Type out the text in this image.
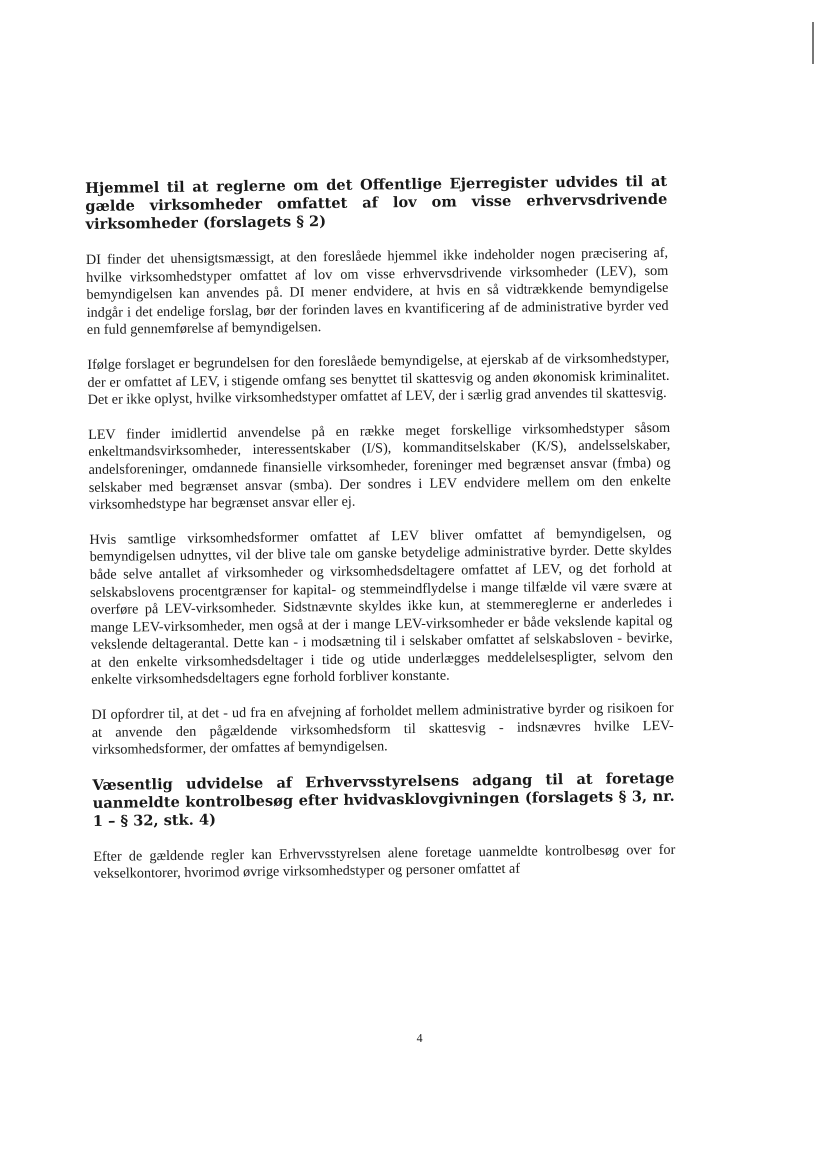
Hjemmel til at reglerne om det Offentlige Ejerregister udvides til at gælde virksomheder omfattet af lov om visse erhvervsdrivende virksomheder (forslagets § 2)

DI finder det uhensigtsmæssigt, at den foreslåede hjemmel ikke indeholder nogen præcisering af, hvilke virksomhedstyper omfattet af lov om visse erhvervsdrivende virksomheder (LEV), som bemyndigelsen kan anvendes på. DI mener endvidere, at hvis en så vidtrækkende bemyndigelse indgår i det endelige forslag, bør der forinden laves en kvantificering af de administrative byrder ved en fuld gennemførelse af bemyndigelsen.

Ifølge forslaget er begrundelsen for den foreslåede bemyndigelse, at ejerskab af de virksomhedstyper, der er omfattet af LEV, i stigende omfang ses benyttet til skattesvig og anden økonomisk kriminalitet. Det er ikke oplyst, hvilke virksomhedstyper omfattet af LEV, der i særlig grad anvendes til skattesvig.

LEV finder imidlertid anvendelse på en række meget forskellige virksomhedstyper såsom enkeltmandsvirksomheder, interessentskaber (I/S), kommanditselskaber (K/S), andelsselskaber, andelsforeninger, omdannede finansielle virksomheder, foreninger med begrænset ansvar (fmba) og selskaber med begrænset ansvar (smba). Der sondres i LEV endvidere mellem om den enkelte virksomhedstype har begrænset ansvar eller ej.

Hvis samtlige virksomhedsformer omfattet af LEV bliver omfattet af bemyndigelsen, og bemyndigelsen udnyttes, vil der blive tale om ganske betydelige administrative byrder. Dette skyldes både selve antallet af virksomheder og virksomhedsdeltagere omfattet af LEV, og det forhold at selskabslovens procentgrænser for kapital- og stemmeindflydelse i mange tilfælde vil være svære at overføre på LEV-virksomheder. Sidstnævnte skyldes ikke kun, at stemmereglerne er anderledes i mange LEV-virksomheder, men også at der i mange LEV-virksomheder er både vekslende kapital og vekslende deltagerantal. Dette kan - i modsætning til i selskaber omfattet af selskabsloven - bevirke, at den enkelte virksomhedsdeltager i tide og utide underlægges meddelelsespligter, selvom den enkelte virksomhedsdeltagers egne forhold forbliver konstante.

DI opfordrer til, at det - ud fra en afvejning af forholdet mellem administrative byrder og risikoen for at anvende den pågældende virksomhedsform til skattesvig - indsnævres hvilke LEV-virksomhedsformer, der omfattes af bemyndigelsen.

Væsentlig udvidelse af Erhvervsstyrelsens adgang til at foretage uanmeldte kontrolbesøg efter hvidvasklovgivningen (forslagets § 3, nr. 1 – § 32, stk. 4)

Efter de gældende regler kan Erhvervsstyrelsen alene foretage uanmeldte kontrolbesøg over for vekselkontorer, hvorimod øvrige virksomhedstyper og personer omfattet af

4
